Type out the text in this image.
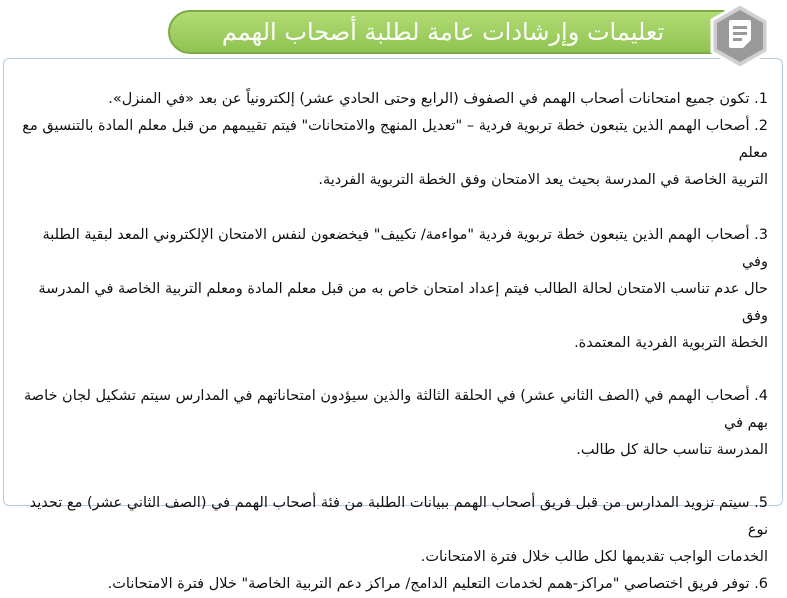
تعليمات وإرشادات عامة لطلبة أصحاب الهمم

1. تكون جميع امتحانات أصحاب الهمم في الصفوف (الرابع وحتى الحادي عشر) إلكترونياً عن بعد «في المنزل».

2. أصحاب الهمم الذين يتبعون خطة تربوية فردية – "تعديل المنهج والامتحانات" فيتم تقييمهم من قبل معلم المادة بالتنسيق مع معلم

التربية الخاصة في المدرسة بحيث يعد الامتحان وفق الخطة التربوية الفردية.

3. أصحاب الهمم الذين يتبعون خطة تربوية فردية "مواءمة/ تكييف" فيخضعون لنفس الامتحان الإلكتروني المعد لبقية الطلبة وفي

حال عدم تناسب الامتحان لحالة الطالب فيتم إعداد امتحان خاص به من قبل معلم المادة ومعلم التربية الخاصة في المدرسة وفق

الخطة التربوية الفردية المعتمدة.

4. أصحاب الهمم في (الصف الثاني عشر) في الحلقة الثالثة والذين سيؤدون امتحاناتهم في المدارس سيتم تشكيل لجان خاصة بهم في

المدرسة تناسب حالة كل طالب.

5. سيتم تزويد المدارس من قبل فريق أصحاب الهمم ببيانات الطلبة من فئة أصحاب الهمم في (الصف الثاني عشر) مع تحديد نوع

الخدمات الواجب تقديمها لكل طالب خلال فترة الامتحانات.

6. توفر فريق اختصاصي "مراكز-همم لخدمات التعليم الدامج/ مراكز دعم التربية الخاصة" خلال فترة الامتحانات.
